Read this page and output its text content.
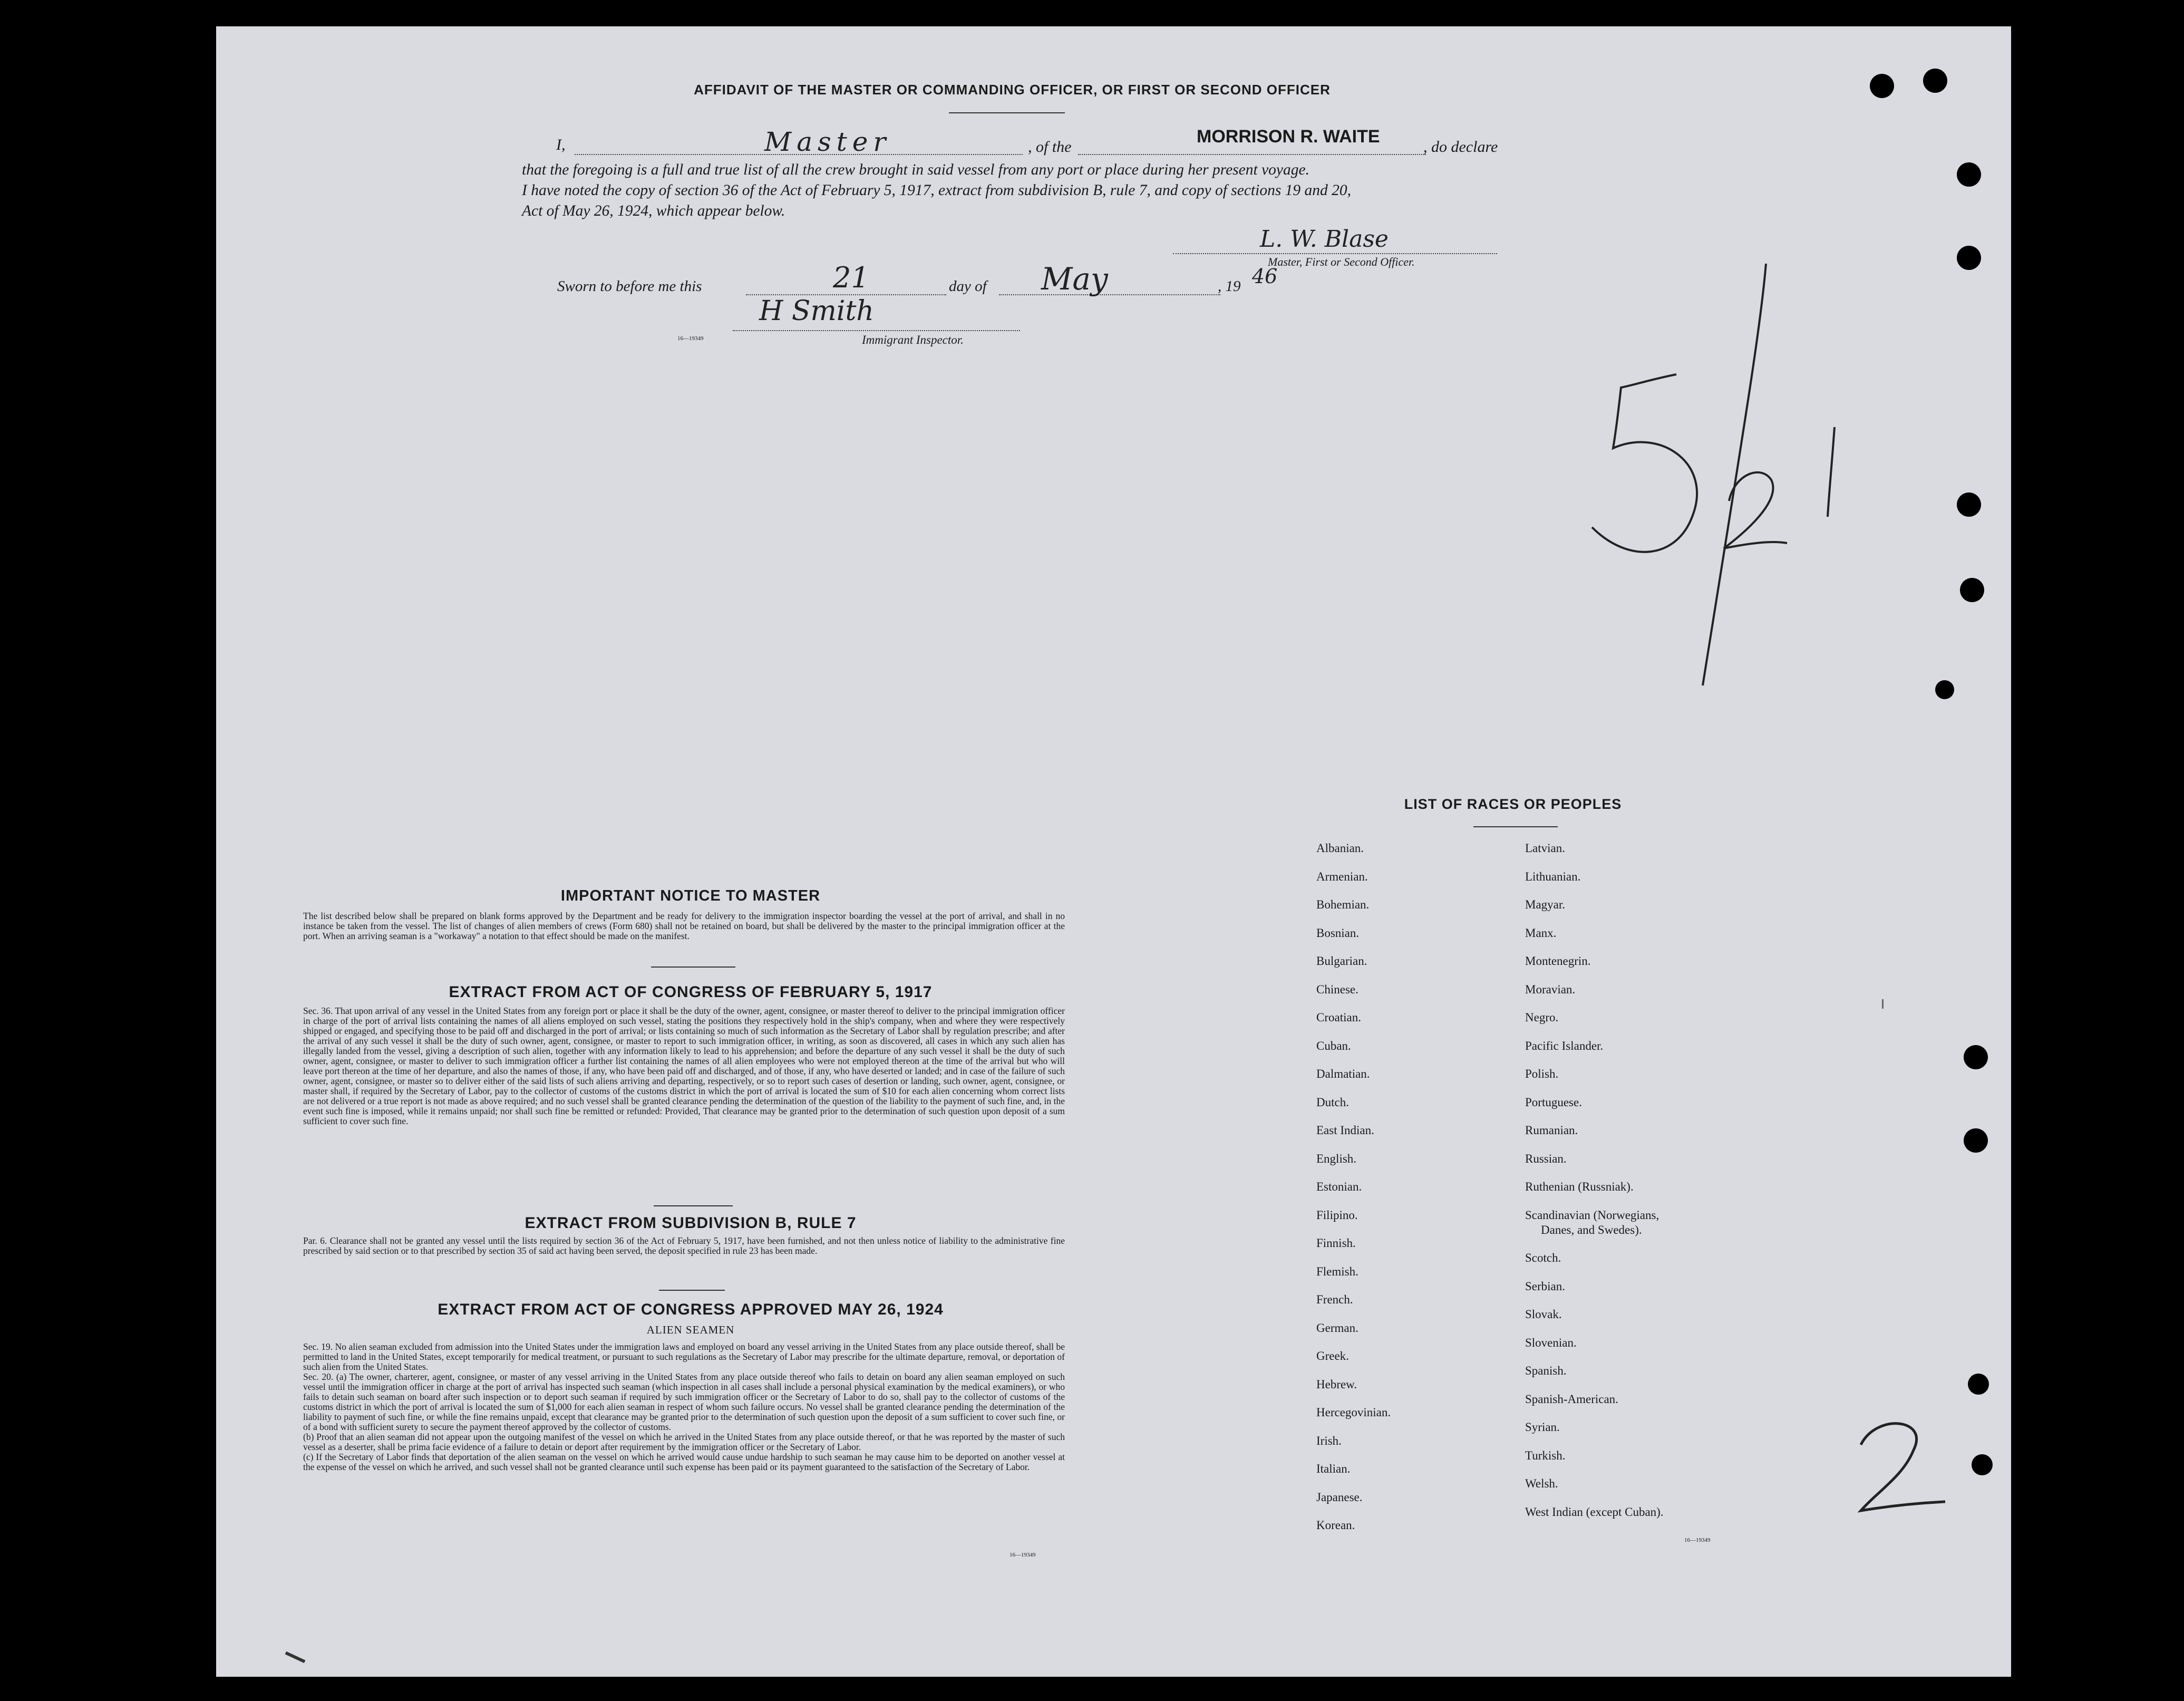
AFFIDAVIT OF THE MASTER OR COMMANDING OFFICER, OR FIRST OR SECOND OFFICER
I,	Master	, of the
MORRISON R. WAITE
, do declare
that the foregoing is a full and true list of all the crew brought in said vessel from any port or place during her present voyage.
I have noted the copy of section 36 of the Act of February 5, 1917, extract from subdivision B, rule 7, and copy of sections 19 and 20,
Act of May 26, 1924, which appear below.
L. W. Blase
Master, First or Second Officer.
Sworn to before me this	21	day of May	, 19 46
H Smith
Immigrant Inspector.
16—19349
IMPORTANT NOTICE TO MASTER
The list described below shall be prepared on blank forms approved by the Department and be ready for delivery to the immigration inspector boarding the vessel at the port of arrival, and shall in no instance be taken from the vessel. The list of changes of alien members of crews (Form 680) shall not be retained on board, but shall be delivered by the master to the principal immigration officer at the port. When an arriving seaman is a "workaway" a notation to that effect should be made on the manifest.
EXTRACT FROM ACT OF CONGRESS OF FEBRUARY 5, 1917
Sec. 36. That upon arrival of any vessel in the United States from any foreign port or place it shall be the duty of the owner, agent, consignee, or master thereof to deliver to the principal immigration officer in charge of the port of arrival lists containing the names of all aliens employed on such vessel, stating the positions they respectively hold in the ship's company, when and where they were respectively shipped or engaged, and specifying those to be paid off and discharged in the port of arrival; or lists containing so much of such information as the Secretary of Labor shall by regulation prescribe; and after the arrival of any such vessel it shall be the duty of such owner, agent, consignee, or master to report to such immigration officer, in writing, as soon as discovered, all cases in which any such alien has illegally landed from the vessel, giving a description of such alien, together with any information likely to lead to his apprehension; and before the departure of any such vessel it shall be the duty of such owner, agent, consignee, or master to deliver to such immigration officer a further list containing the names of all alien employees who were not employed thereon at the time of the arrival but who will leave port thereon at the time of her departure, and also the names of those, if any, who have been paid off and discharged, and of those, if any, who have deserted or landed; and in case of the failure of such owner, agent, consignee, or master so to deliver either of the said lists of such aliens arriving and departing, respectively, or so to report such cases of desertion or landing, such owner, agent, consignee, or master shall, if required by the Secretary of Labor, pay to the collector of customs of the customs district in which the port of arrival is located the sum of $10 for each alien concerning whom correct lists are not delivered or a true report is not made as above required; and no such vessel shall be granted clearance pending the determination of the question of the liability to the payment of such fine, and, in the event such fine is imposed, while it remains unpaid; nor shall such fine be remitted or refunded: Provided, That clearance may be granted prior to the determination of such question upon deposit of a sum sufficient to cover such fine.
EXTRACT FROM SUBDIVISION B, RULE 7
Par. 6. Clearance shall not be granted any vessel until the lists required by section 36 of the Act of February 5, 1917, have been furnished, and not then unless notice of liability to the administrative fine prescribed by said section or to that prescribed by section 35 of said act having been served, the deposit specified in rule 23 has been made.
EXTRACT FROM ACT OF CONGRESS APPROVED MAY 26, 1924
ALIEN SEAMEN
Sec. 19. No alien seaman excluded from admission into the United States under the immigration laws and employed on board any vessel arriving in the United States from any place outside thereof, shall be permitted to land in the United States, except temporarily for medical treatment, or pursuant to such regulations as the Secretary of Labor may prescribe for the ultimate departure, removal, or deportation of such alien from the United States.
Sec. 20. (a) The owner, charterer, agent, consignee, or master of any vessel arriving in the United States from any place outside thereof who fails to detain on board any alien seaman employed on such vessel until the immigration officer in charge at the port of arrival has inspected such seaman (which inspection in all cases shall include a personal physical examination by the medical examiners), or who fails to detain such seaman on board after such inspection or to deport such seaman if required by such immigration officer or the Secretary of Labor to do so, shall pay to the collector of customs of the customs district in which the port of arrival is located the sum of $1,000 for each alien seaman in respect of whom such failure occurs. No vessel shall be granted clearance pending the determination of the liability to payment of such fine, or while the fine remains unpaid, except that clearance may be granted prior to the determination of such question upon the deposit of a sum sufficient to cover such fine, or of a bond with sufficient surety to secure the payment thereof approved by the collector of customs.
(b) Proof that an alien seaman did not appear upon the outgoing manifest of the vessel on which he arrived in the United States from any place outside thereof, or that he was reported by the master of such vessel as a deserter, shall be prima facie evidence of a failure to detain or deport after requirement by the immigration officer or the Secretary of Labor.
(c) If the Secretary of Labor finds that deportation of the alien seaman on the vessel on which he arrived would cause undue hardship to such seaman he may cause him to be deported on another vessel at the expense of the vessel on which he arrived, and such vessel shall not be granted clearance until such expense has been paid or its payment guaranteed to the satisfaction of the Secretary of Labor.
16—19349
LIST OF RACES OR PEOPLES
Albanian.
Armenian.
Bohemian.
Bosnian.
Bulgarian.
Chinese.
Croatian.
Cuban.
Dalmatian.
Dutch.
East Indian.
English.
Estonian.
Filipino.
Finnish.
Flemish.
French.
German.
Greek.
Hebrew.
Hercegovinian.
Irish.
Italian.
Japanese.
Korean.
Latvian.
Lithuanian.
Magyar.
Manx.
Montenegrin.
Moravian.
Negro.
Pacific Islander.
Polish.
Portuguese.
Rumanian.
Russian.
Ruthenian (Russniak).
Scandinavian (Norwegians,
Danes, and Swedes).
Scotch.
Serbian.
Slovak.
Slovenian.
Spanish.
Spanish-American.
Syrian.
Turkish.
Welsh.
West Indian (except Cuban).
16—19349
